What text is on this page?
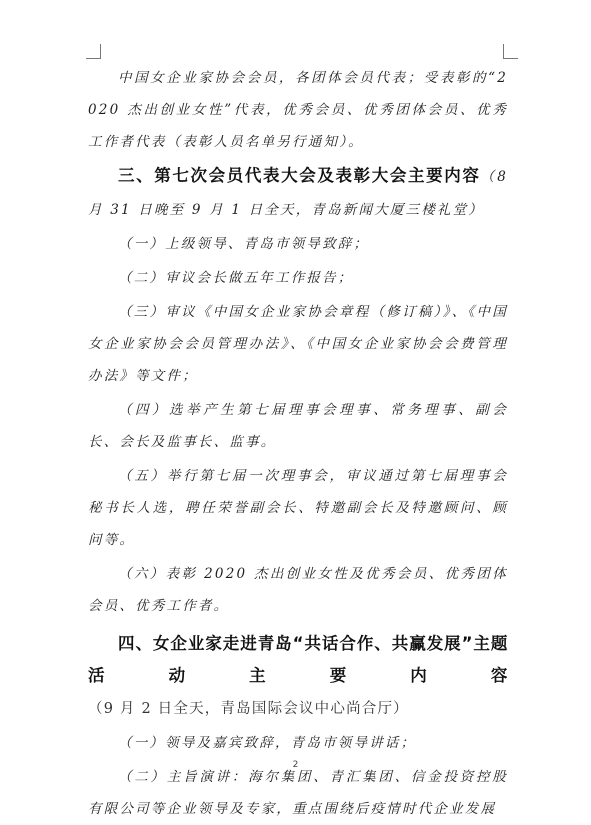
中国女企业家协会会员，各团体会员代表；受表彰的“2020 杰出创业女性”代表，优秀会员、优秀团体会员、优秀工作者代表（表彰人员名单另行通知）。

三、第七次会员代表大会及表彰大会主要内容（8 月 31 日晚至 9 月 1 日全天，青岛新闻大厦三楼礼堂）

（一）上级领导、青岛市领导致辞；

（二）审议会长做五年工作报告；

（三）审议《中国女企业家协会章程（修订稿）》、《中国女企业家协会会员管理办法》、《中国女企业家协会会费管理办法》等文件；

（四）选举产生第七届理事会理事、常务理事、副会长、会长及监事长、监事。

（五）举行第七届一次理事会，审议通过第七届理事会秘书长人选，聘任荣誉副会长、特邀副会长及特邀顾问、顾问等。

（六）表彰 2020 杰出创业女性及优秀会员、优秀团体会员、优秀工作者。

四、女企业家走进青岛“共话合作、共赢发展”主题活动主要内容（9 月 2 日全天，青岛国际会议中心尚合厅）

（一）领导及嘉宾致辞，青岛市领导讲话；

（二）主旨演讲：海尔集团、青汇集团、信金投资控股有限公司等企业领导及专家，重点围绕后疫情时代企业发展

2
